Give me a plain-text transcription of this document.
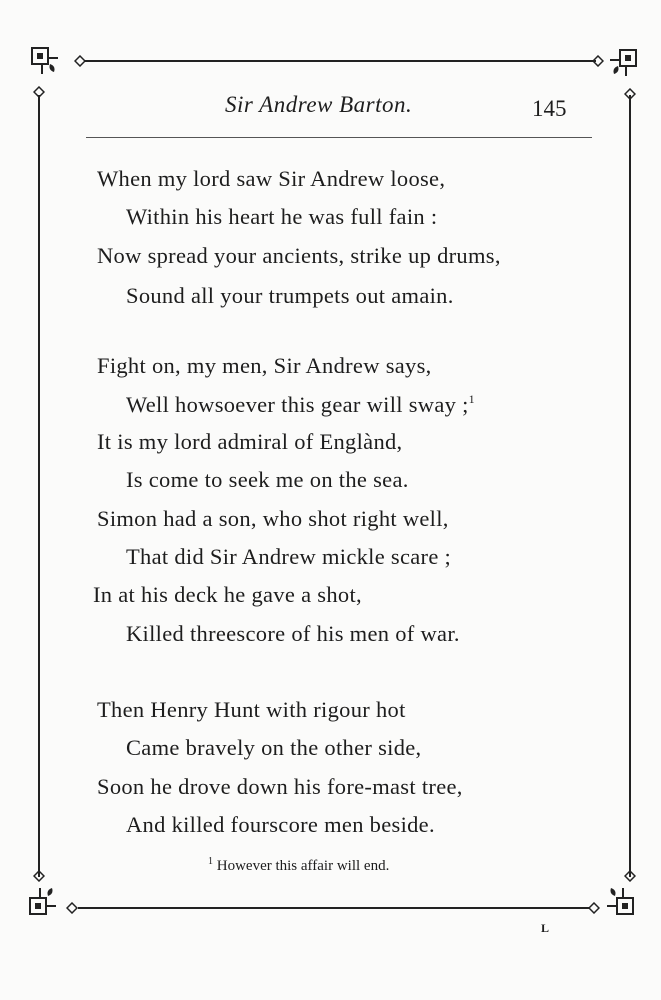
Sir Andrew Barton.	145
When my lord saw Sir Andrew loose,
Within his heart he was full fain :
Now spread your ancients, strike up drums,
Sound all your trumpets out amain.
Fight on, my men, Sir Andrew says,
Well howsoever this gear will sway ;$^1$
It is my lord admiral of Englànd,
Is come to seek me on the sea.
Simon had a son, who shot right well,
That did Sir Andrew mickle scare ;
In at his deck he gave a shot,
Killed threescore of his men of war.
Then Henry Hunt with rigour hot
Came bravely on the other side,
Soon he drove down his fore-mast tree,
And killed fourscore men beside.
$^1$ However this affair will end.
L
